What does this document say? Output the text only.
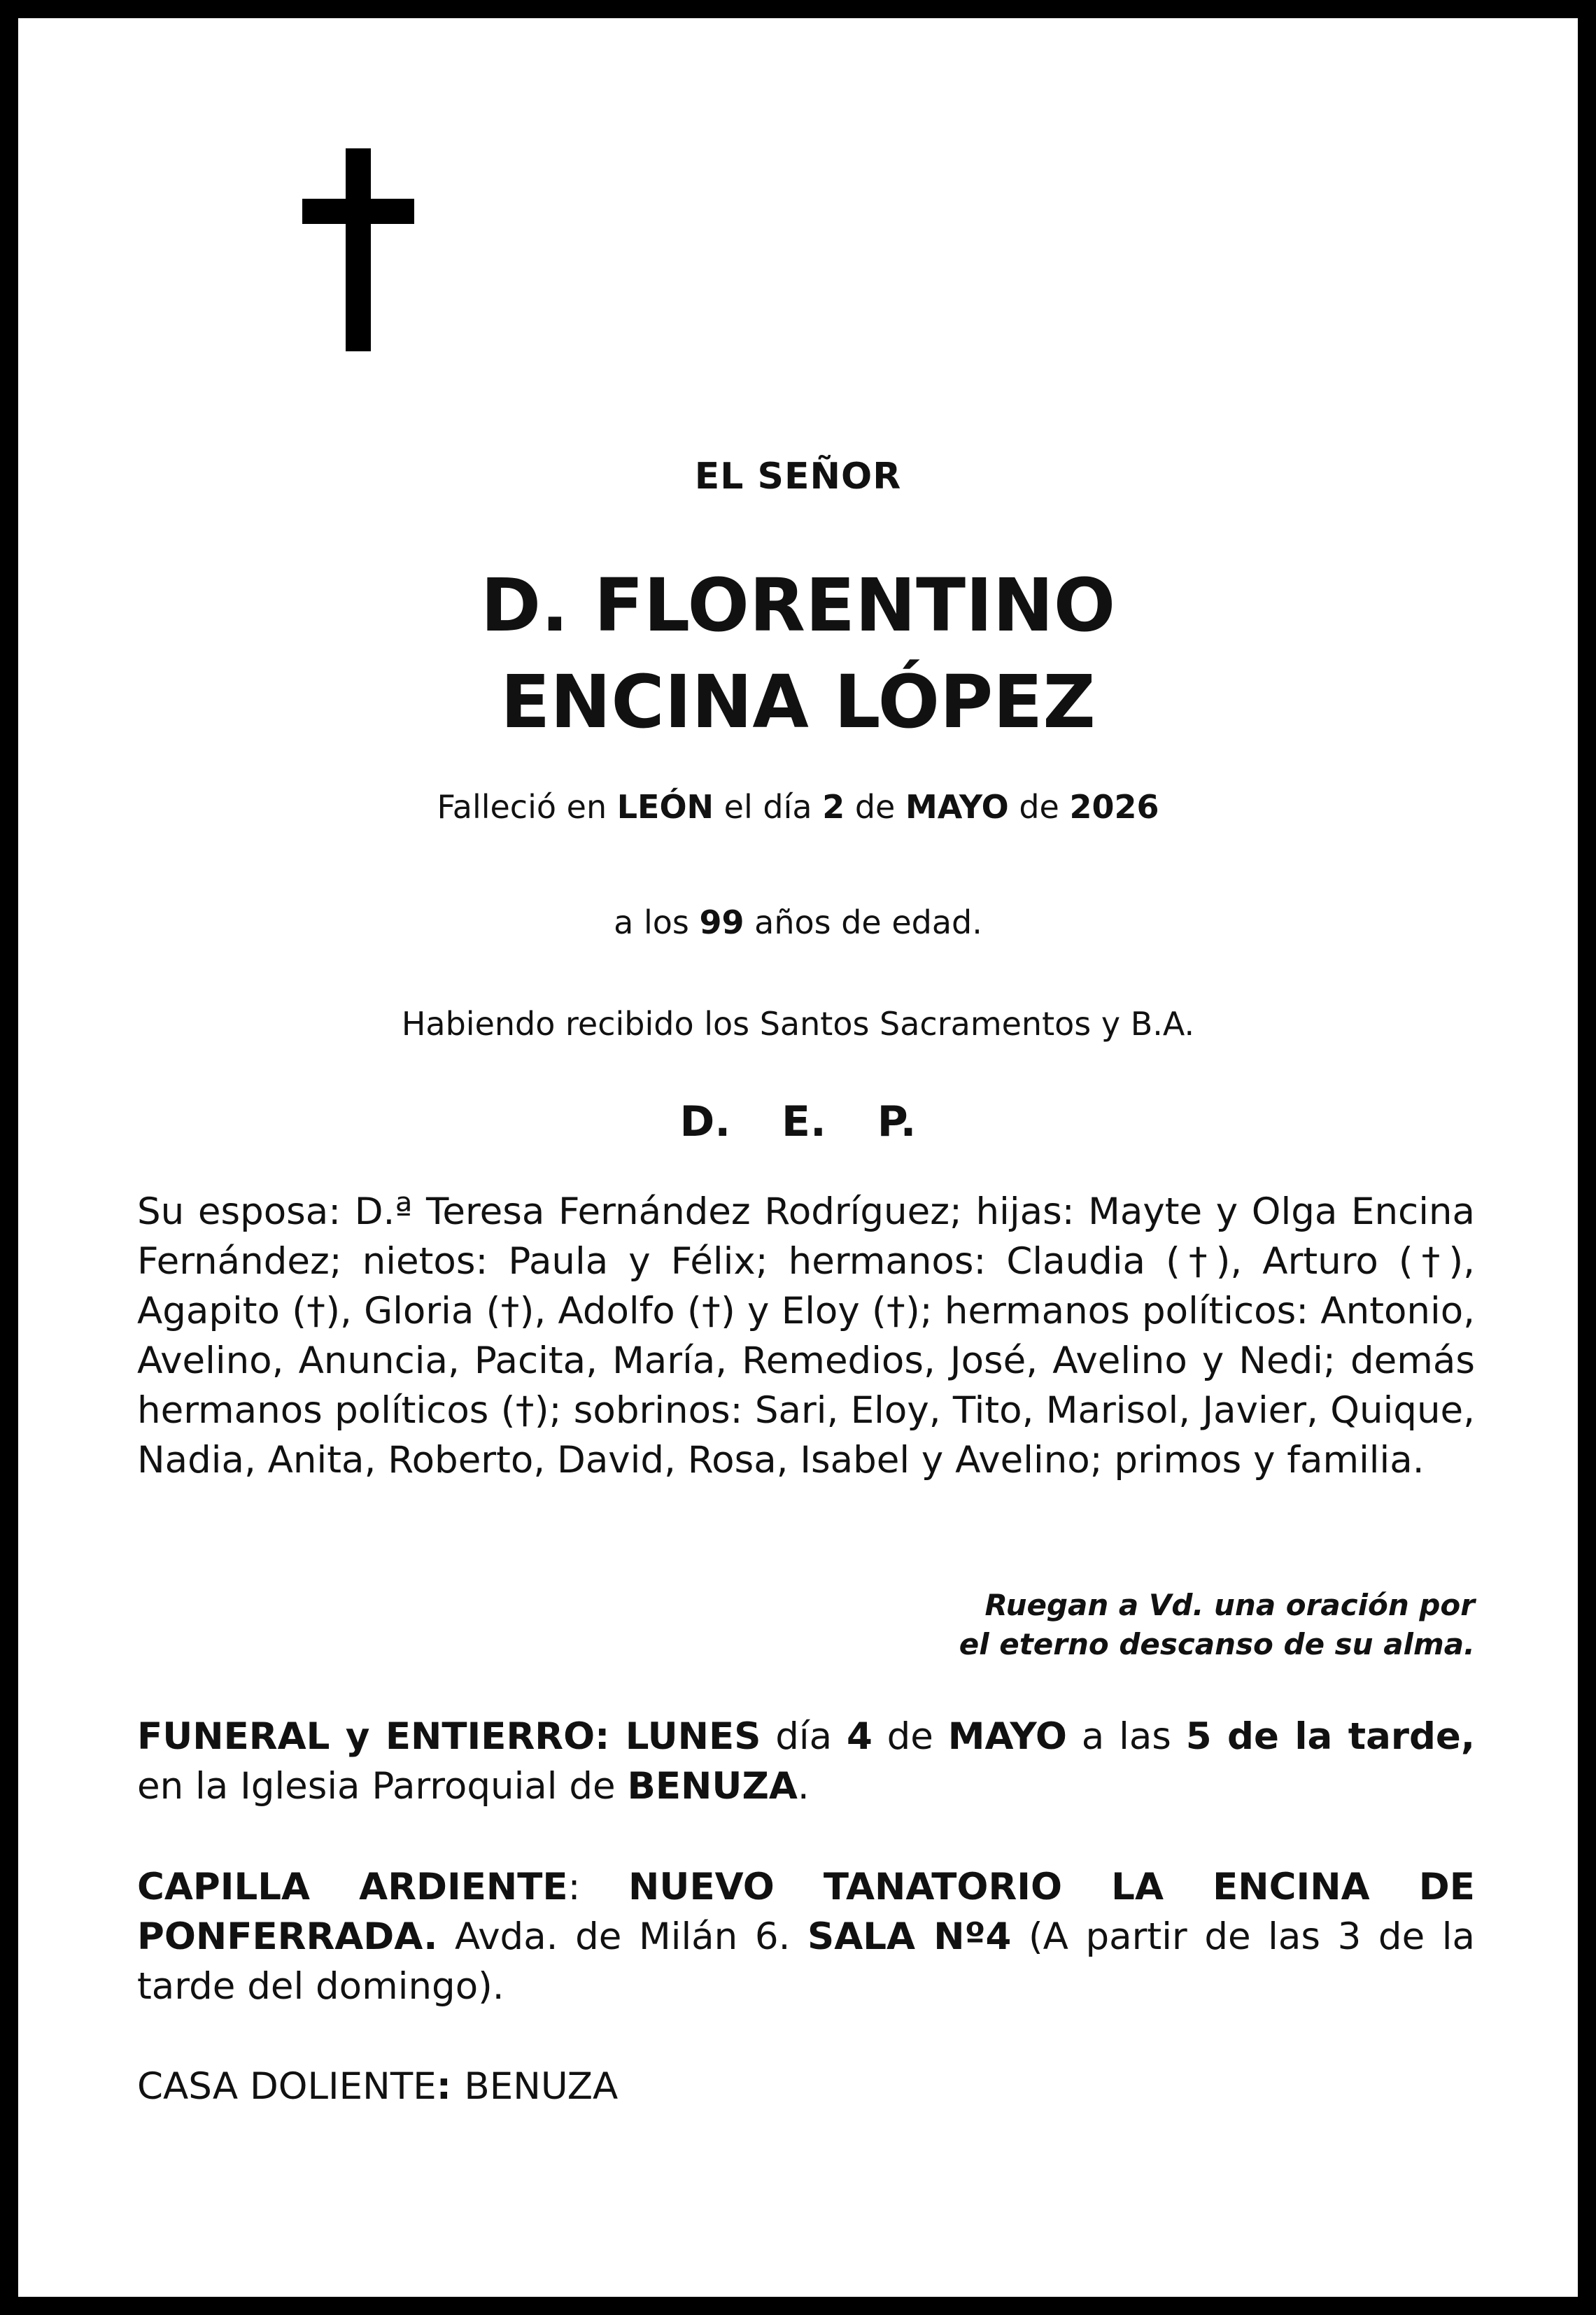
EL SEÑOR
D. FLORENTINO
ENCINA LÓPEZ
Falleció en LEÓN el día 2 de MAYO de 2026
a los 99 años de edad.
Habiendo recibido los Santos Sacramentos y B.A.
D. E. P.
Su esposa: D.ª Teresa Fernández Rodríguez; hijas: Mayte y Olga Encina Fernández; nietos: Paula y Félix; hermanos: Claudia (†), Arturo (†), Agapito (†), Gloria (†), Adolfo (†) y Eloy (†); hermanos políticos: Antonio, Avelino, Anuncia, Pacita, María, Remedios, José, Avelino y Nedi; demás hermanos políticos (†); sobrinos: Sari, Eloy, Tito, Marisol, Javier, Quique, Nadia, Anita, Roberto, David, Rosa, Isabel y Avelino; primos y familia.
Ruegan a Vd. una oración por
el eterno descanso de su alma.
FUNERAL y ENTIERRO: LUNES día 4 de MAYO a las 5 de la tarde, en la Iglesia Parroquial de BENUZA.
CAPILLA ARDIENTE: NUEVO TANATORIO LA ENCINA DE PONFERRADA. Avda. de Milán 6. SALA Nº4 (A partir de las 3 de la tarde del domingo).
CASA DOLIENTE: BENUZA
